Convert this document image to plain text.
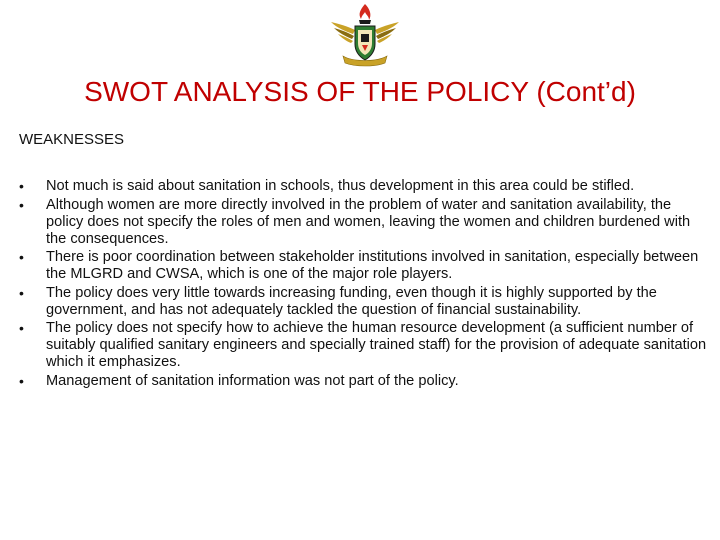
SWOT ANALYSIS OF THE POLICY (Cont’d)
WEAKNESSES
• Not much is said about sanitation in schools, thus development in this area could be stifled.
• Although women are more directly involved in the problem of water and sanitation availability, the policy does not specify the roles of men and women, leaving the women and children burdened with the consequences.
• There is poor coordination between stakeholder institutions involved in sanitation, especially between the MLGRD and CWSA, which is one of the major role players.
• The policy does very little towards increasing funding, even though it is highly supported by the government, and has not adequately tackled the question of financial sustainability.
• The policy does not specify how to achieve the human resource development (a sufficient number of suitably qualified sanitary engineers and specially trained staff) for the provision of adequate sanitation which it emphasizes.
• Management of sanitation information was not part of the policy.
